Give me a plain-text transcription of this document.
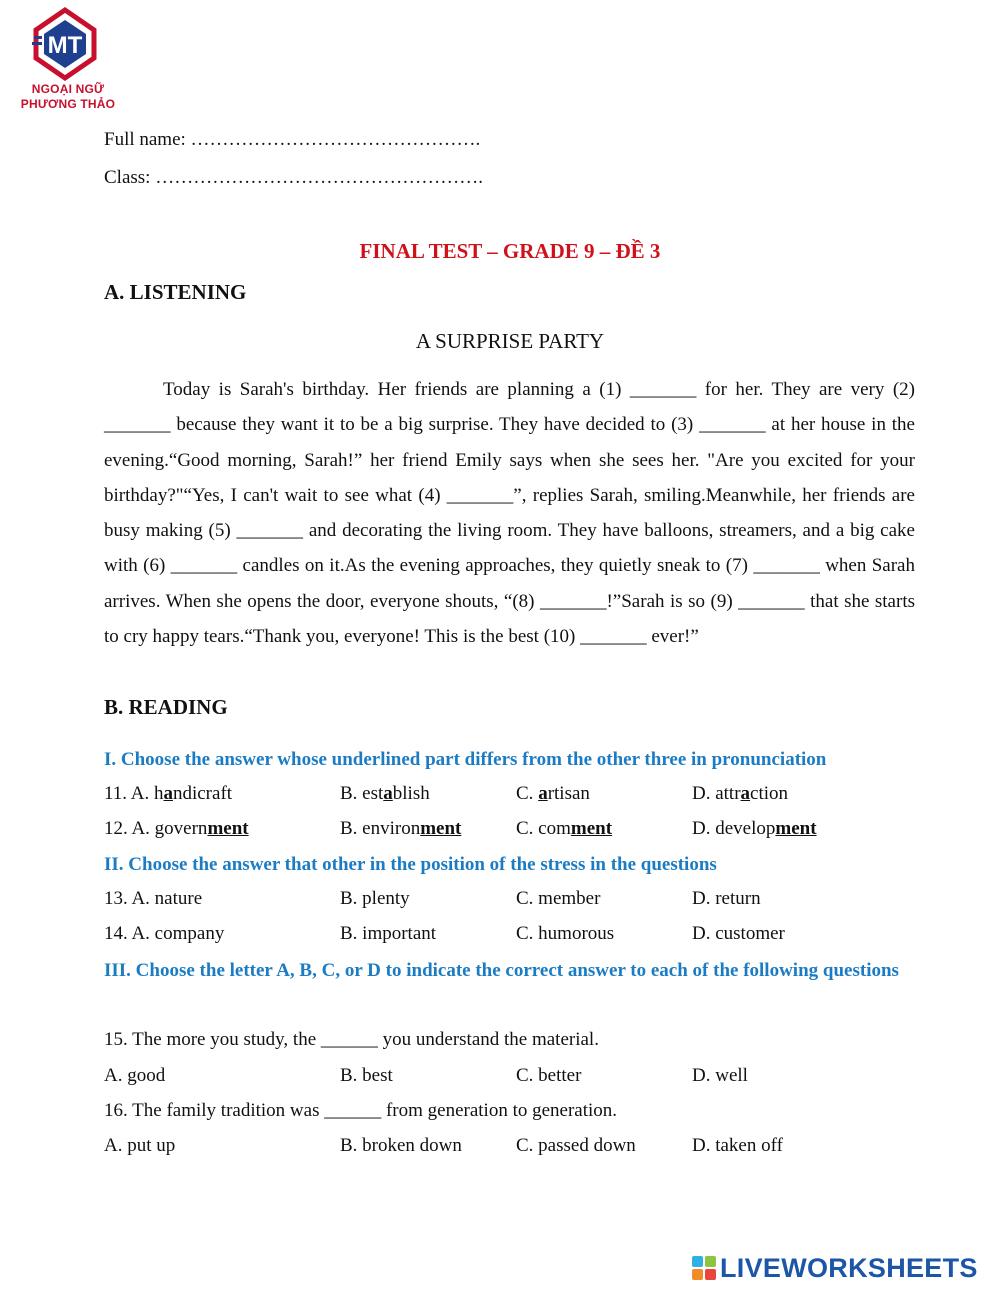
MT
NGOẠI NGỮ
PHƯƠNG THẢO
Full name: ……………………………………….
Class: …………………………………………….
FINAL TEST – GRADE 9 – ĐỀ 3
A. LISTENING
A SURPRISE PARTY

Today is Sarah's birthday. Her friends are planning a (1) _______ for her. They are very (2) _______ because they want it to be a big surprise. They have decided to (3) _______ at her house in the evening.“Good morning, Sarah!” her friend Emily says when she sees her. "Are you excited for your birthday?"“Yes, I can't wait to see what (4) _______”, replies Sarah, smiling.Meanwhile, her friends are busy making (5) _______ and decorating the living room. They have balloons, streamers, and a big cake with (6) _______ candles on it.As the evening approaches, they quietly sneak to (7) _______ when Sarah arrives. When she opens the door, everyone shouts, “(8) _______!”Sarah is so (9) _______ that she starts to cry happy tears.“Thank you, everyone! This is the best (10) _______ ever!”

B. READING
I. Choose the answer whose underlined part differs from the other three in pronunciation
11. A. handicraft	B. establish	C. artisan	D. attraction
12. A. government	B. environment	C. comment	D. development
II. Choose the answer that other in the position of the stress in the questions
13. A. nature	B. plenty	C. member	D. return
14. A. company	B. important	C. humorous	D. customer
III. Choose the letter A, B, C, or D to indicate the correct answer to each of the following questions
15. The more you study, the ______ you understand the material.
A. good	B. best	C. better	D. well
16. The family tradition was ______ from generation to generation.
A. put up	B. broken down	C. passed down	D. taken off
LIVEWORKSHEETS
